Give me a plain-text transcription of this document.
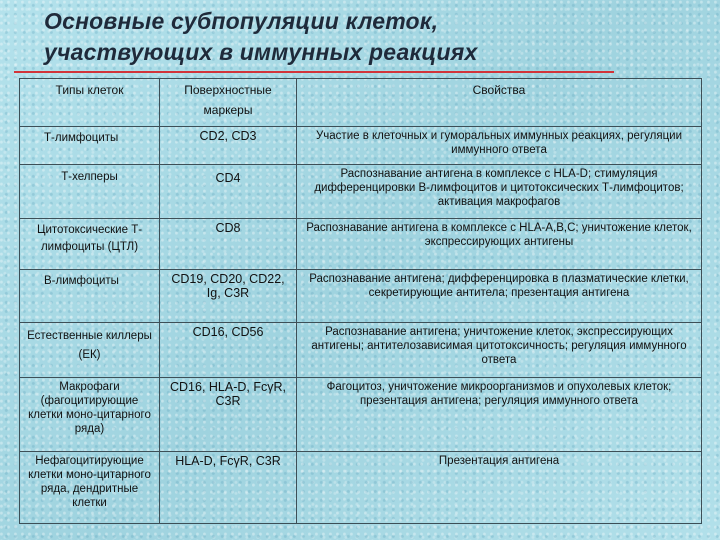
Основные субпопуляции клеток,
участвующих в иммунных реакциях
Типы клеток	Поверхностные маркеры	Свойства
Т-лимфоциты	CD2, CD3	Участие в клеточных и гуморальных иммунных реакциях, регуляции иммунного ответа
Т-хелперы	CD4	Распознавание антигена в комплексе с HLA-D; стимуляция дифференцировки В-лимфоцитов и цитотоксических Т-лимфоцитов; активация макрофагов
Цитотоксические Т-лимфоциты (ЦТЛ)	CD8	Распознавание антигена в комплексе с HLA-A,B,C; уничтожение клеток, экспрессирующих антигены
В-лимфоциты	CD19, CD20, CD22, Ig, C3R	Распознавание антигена; дифференцировка в плазматические клетки, секретирующие антитела; презентация антигена
Естественные киллеры (ЕК)	CD16, CD56	Распознавание антигена; уничтожение клеток, экспрессирующих антигены; антителозависимая цитотоксичность; регуляция иммунного ответа
Макрофаги (фагоцитирующие клетки моно-цитарного ряда)	CD16, HLA-D, FcγR, C3R	Фагоцитоз, уничтожение микроорганизмов и опухолевых клеток; презентация антигена; регуляция иммунного ответа
Нефагоцитирующие клетки моно-цитарного ряда, дендритные клетки	HLA-D, FcγR, C3R	Презентация антигена
